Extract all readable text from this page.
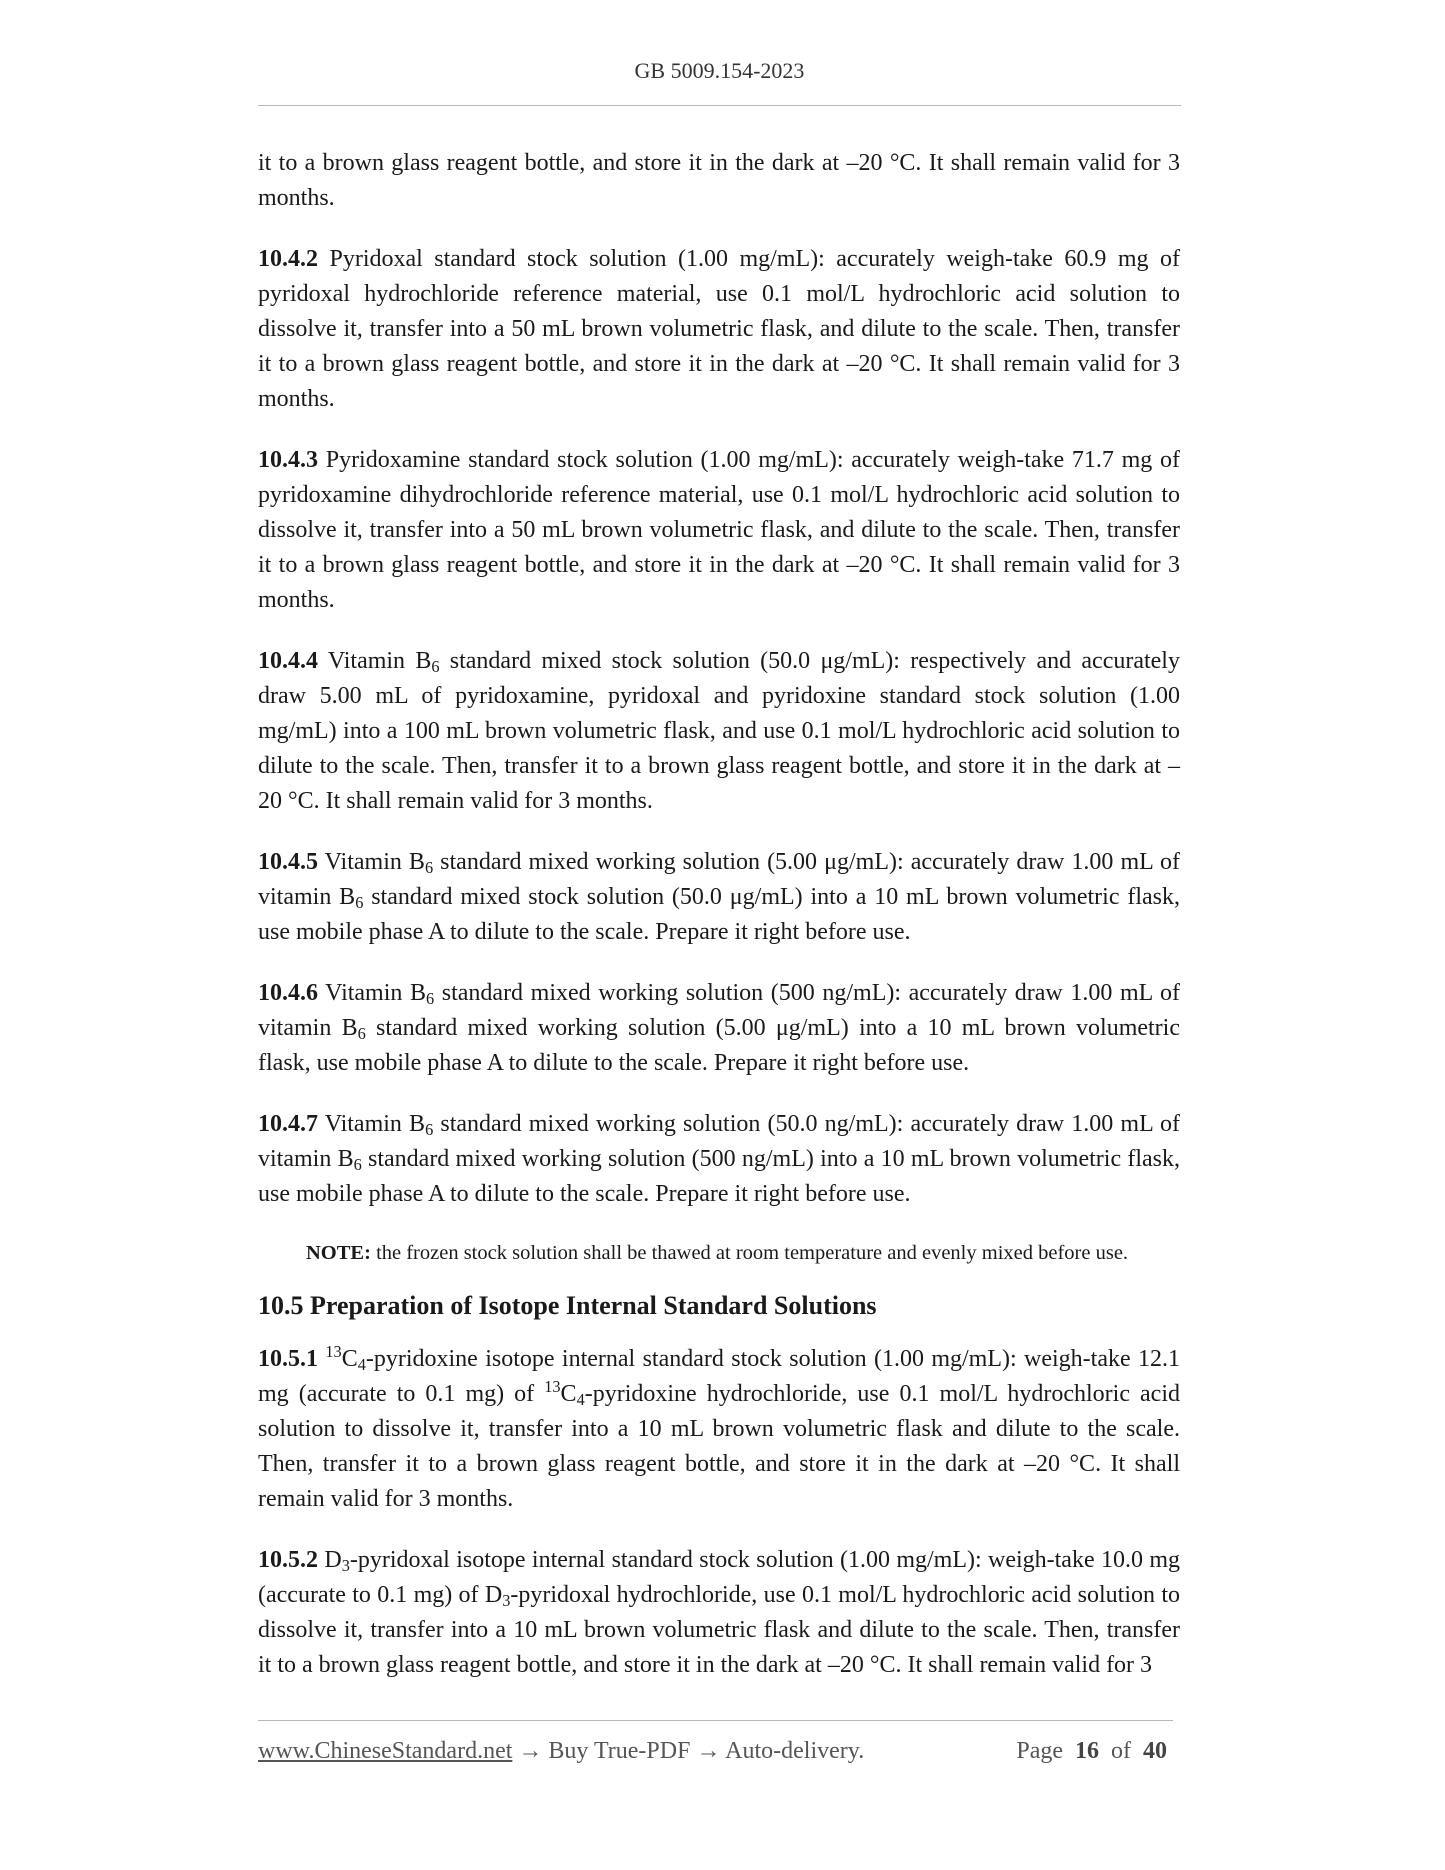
GB 5009.154-2023

it to a brown glass reagent bottle, and store it in the dark at –20 °C. It shall remain valid for 3 months.

10.4.2 Pyridoxal standard stock solution (1.00 mg/mL): accurately weigh-take 60.9 mg of pyridoxal hydrochloride reference material, use 0.1 mol/L hydrochloric acid solution to dissolve it, transfer into a 50 mL brown volumetric flask, and dilute to the scale. Then, transfer it to a brown glass reagent bottle, and store it in the dark at –20 °C. It shall remain valid for 3 months.

10.4.3 Pyridoxamine standard stock solution (1.00 mg/mL): accurately weigh-take 71.7 mg of pyridoxamine dihydrochloride reference material, use 0.1 mol/L hydrochloric acid solution to dissolve it, transfer into a 50 mL brown volumetric flask, and dilute to the scale. Then, transfer it to a brown glass reagent bottle, and store it in the dark at –20 °C. It shall remain valid for 3 months.

10.4.4 Vitamin $B_6$ standard mixed stock solution (50.0 μg/mL): respectively and accurately draw 5.00 mL of pyridoxamine, pyridoxal and pyridoxine standard stock solution (1.00 mg/mL) into a 100 mL brown volumetric flask, and use 0.1 mol/L hydrochloric acid solution to dilute to the scale. Then, transfer it to a brown glass reagent bottle, and store it in the dark at –20 °C. It shall remain valid for 3 months.

10.4.5 Vitamin $B_6$ standard mixed working solution (5.00 μg/mL): accurately draw 1.00 mL of vitamin $B_6$ standard mixed stock solution (50.0 μg/mL) into a 10 mL brown volumetric flask, use mobile phase A to dilute to the scale. Prepare it right before use.

10.4.6 Vitamin $B_6$ standard mixed working solution (500 ng/mL): accurately draw 1.00 mL of vitamin $B_6$ standard mixed working solution (5.00 μg/mL) into a 10 mL brown volumetric flask, use mobile phase A to dilute to the scale. Prepare it right before use.

10.4.7 Vitamin $B_6$ standard mixed working solution (50.0 ng/mL): accurately draw 1.00 mL of vitamin $B_6$ standard mixed working solution (500 ng/mL) into a 10 mL brown volumetric flask, use mobile phase A to dilute to the scale. Prepare it right before use.

NOTE: the frozen stock solution shall be thawed at room temperature and evenly mixed before use.

10.5 Preparation of Isotope Internal Standard Solutions

10.5.1 $^{13}C_4$-pyridoxine isotope internal standard stock solution (1.00 mg/mL): weigh-take 12.1 mg (accurate to 0.1 mg) of $^{13}C_4$-pyridoxine hydrochloride, use 0.1 mol/L hydrochloric acid solution to dissolve it, transfer into a 10 mL brown volumetric flask and dilute to the scale. Then, transfer it to a brown glass reagent bottle, and store it in the dark at –20 °C. It shall remain valid for 3 months.

10.5.2 $D_3$-pyridoxal isotope internal standard stock solution (1.00 mg/mL): weigh-take 10.0 mg (accurate to 0.1 mg) of $D_3$-pyridoxal hydrochloride, use 0.1 mol/L hydrochloric acid solution to dissolve it, transfer into a 10 mL brown volumetric flask and dilute to the scale. Then, transfer it to a brown glass reagent bottle, and store it in the dark at –20 °C. It shall remain valid for 3

www.ChineseStandard.net → Buy True-PDF → Auto-delivery.	Page 16 of 40
